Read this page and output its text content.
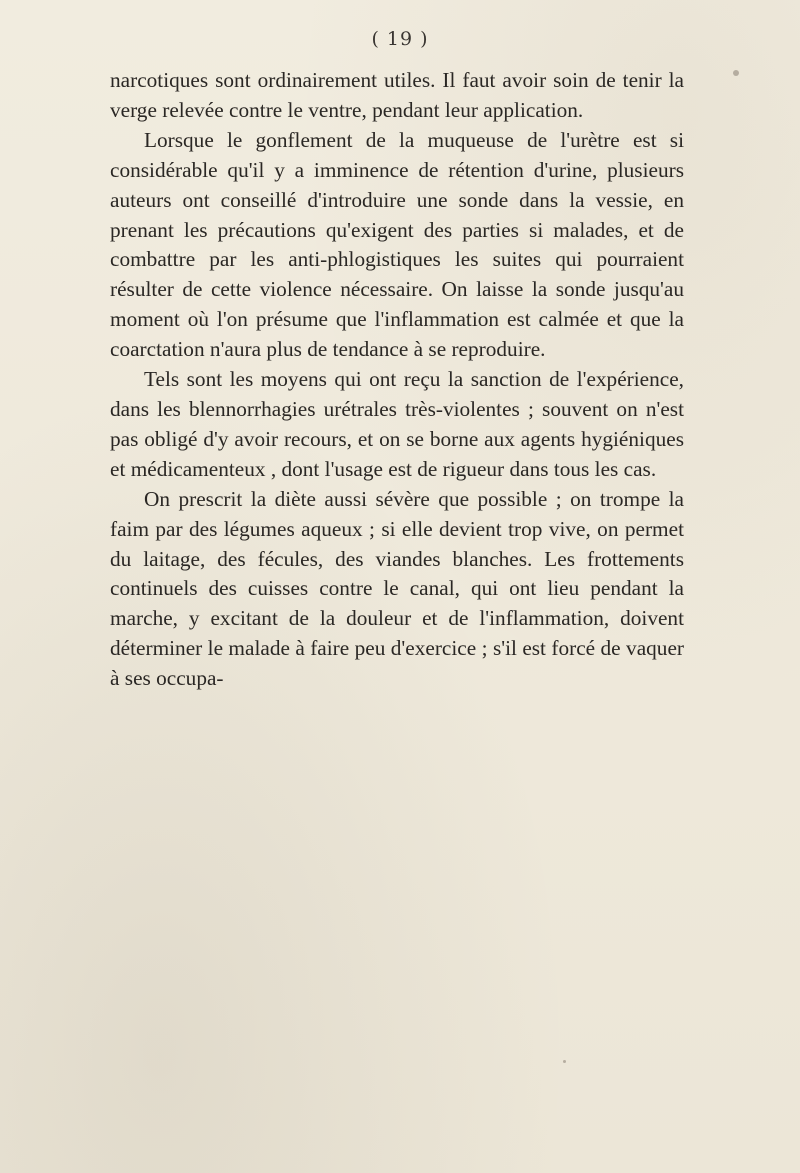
( 19 )

narcotiques sont ordinairement utiles. Il faut avoir soin de tenir la verge relevée contre le ventre, pendant leur application.

Lorsque le gonflement de la muqueuse de l'urètre est si considérable qu'il y a imminence de rétention d'urine, plusieurs auteurs ont conseillé d'introduire une sonde dans la vessie, en prenant les précautions qu'exigent des parties si malades, et de combattre par les anti-phlogistiques les suites qui pourraient résulter de cette violence nécessaire. On laisse la sonde jusqu'au moment où l'on présume que l'inflammation est calmée et que la coarctation n'aura plus de tendance à se reproduire.

Tels sont les moyens qui ont reçu la sanction de l'expérience, dans les blennorrhagies urétrales très-violentes ; souvent on n'est pas obligé d'y avoir recours, et on se borne aux agents hygiéniques et médicamenteux , dont l'usage est de rigueur dans tous les cas.

On prescrit la diète aussi sévère que possible ; on trompe la faim par des légumes aqueux ; si elle devient trop vive, on permet du laitage, des fécules, des viandes blanches. Les frottements continuels des cuisses contre le canal, qui ont lieu pendant la marche, y excitant de la douleur et de l'inflammation, doivent déterminer le malade à faire peu d'exercice ; s'il est forcé de vaquer à ses occupa-
